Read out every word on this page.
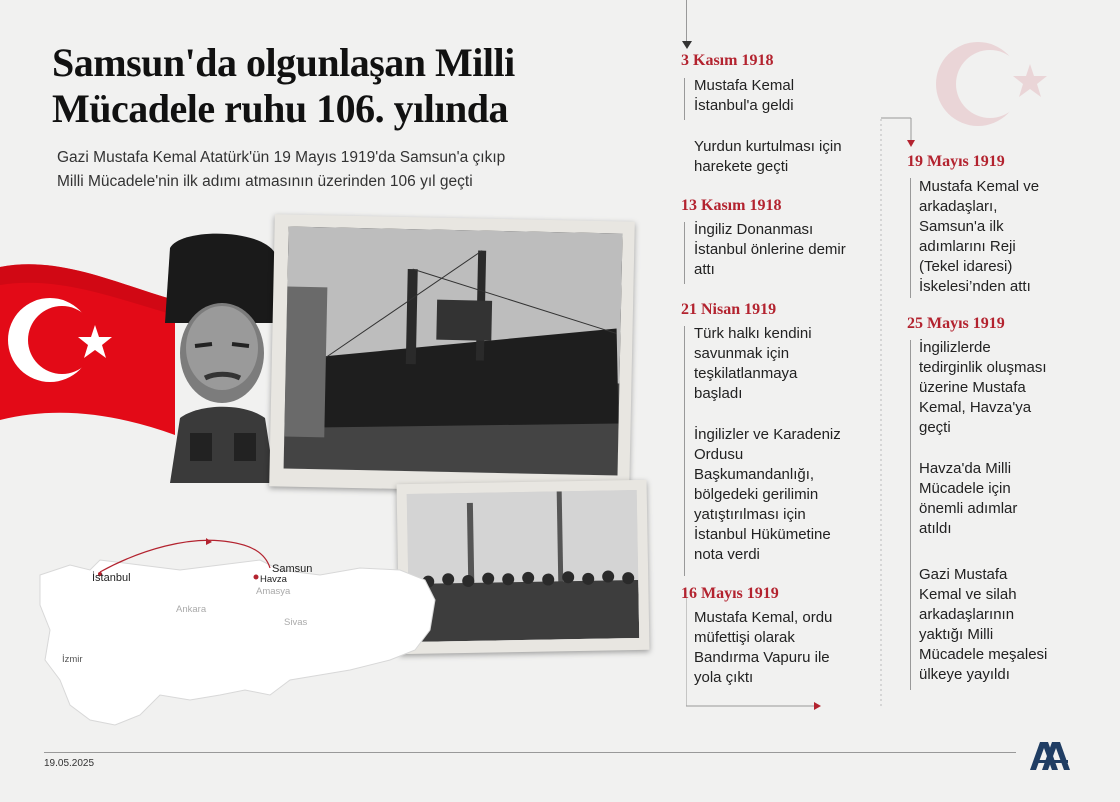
Samsun'da olgunlaşan Milli
Mücadele ruhu 106. yılında
Gazi Mustafa Kemal Atatürk'ün 19 Mayıs 1919'da Samsun'a çıkıp
Milli Mücadele'nin ilk adımı atmasının üzerinden 106 yıl geçti
İstanbul
Samsun
Havza
Ankara
Amasya
Sivas
İzmir
3 Kasım 1918
Mustafa Kemal
İstanbul'a geldi
Yurdun kurtulması için
harekete geçti
13 Kasım 1918
İngiliz Donanması
İstanbul önlerine demir
attı
21 Nisan 1919
Türk halkı kendini
savunmak için
teşkilatlanmaya
başladı
İngilizler ve Karadeniz
Ordusu
Başkumandanlığı,
bölgedeki gerilimin
yatıştırılması için
İstanbul Hükümetine
nota verdi
16 Mayıs 1919
Mustafa Kemal, ordu
müfettişi olarak
Bandırma Vapuru ile
yola çıktı
19 Mayıs 1919
Mustafa Kemal ve
arkadaşları,
Samsun'a ilk
adımlarını Reji
(Tekel idaresi)
İskelesi’nden attı
25 Mayıs 1919
İngilizlerde
tedirginlik oluşması
üzerine Mustafa
Kemal, Havza'ya
geçti
Havza'da Milli
Mücadele için
önemli adımlar
atıldı
Gazi Mustafa
Kemal ve silah
arkadaşlarının
yaktığı Milli
Mücadele meşalesi
ülkeye yayıldı
19.05.2025
